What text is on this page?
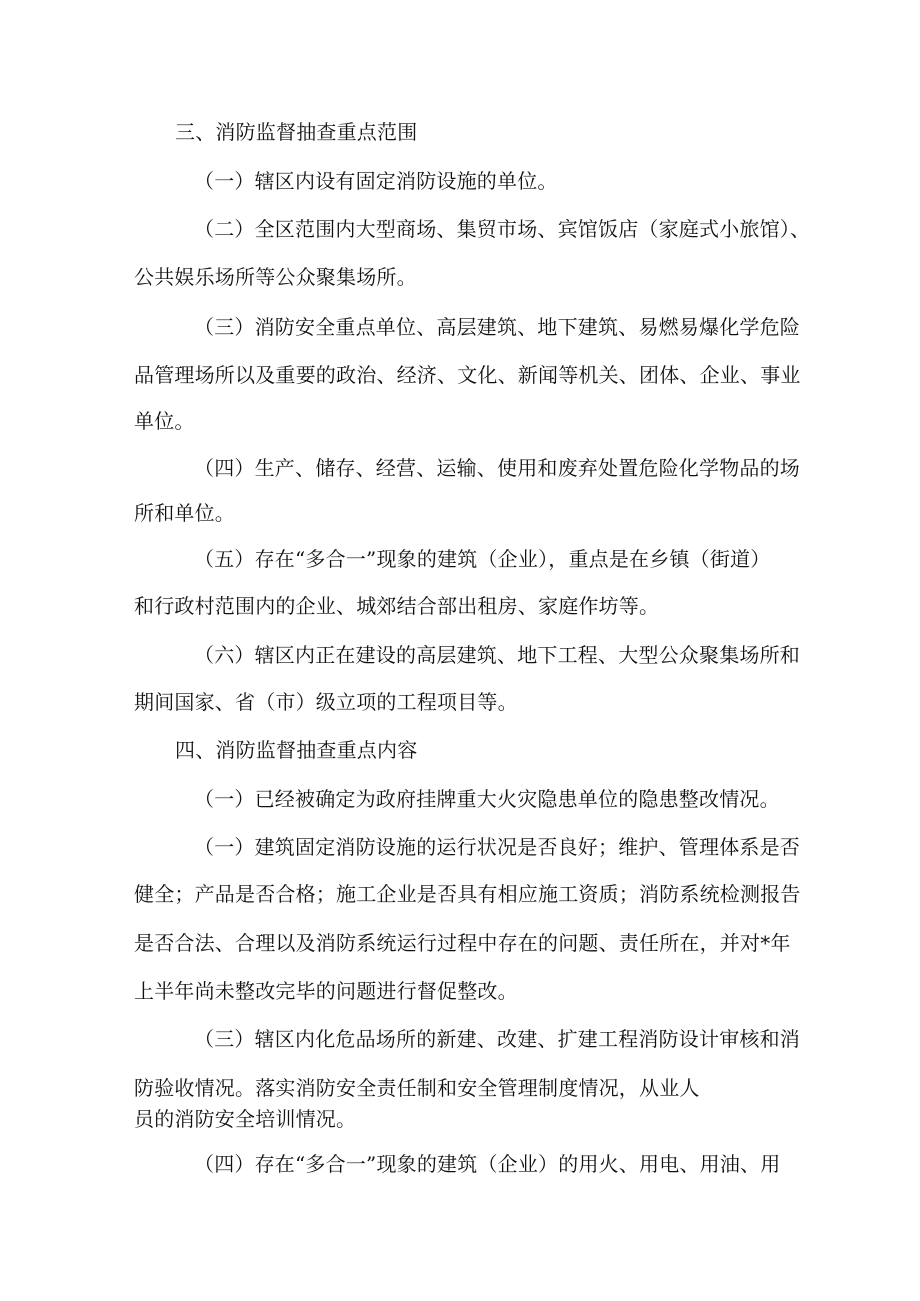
三、消防监督抽查重点范围

（一）辖区内设有固定消防设施的单位。

（二）全区范围内大型商场、集贸市场、宾馆饭店（家庭式小旅馆）、

公共娱乐场所等公众聚集场所。

（三）消防安全重点单位、高层建筑、地下建筑、易燃易爆化学危险

品管理场所以及重要的政治、经济、文化、新闻等机关、团体、企业、事业

单位。

（四）生产、储存、经营、运输、使用和废弃处置危险化学物品的场

所和单位。

（五）存在“多合一”现象的建筑（企业），重点是在乡镇（街道）

和行政村范围内的企业、城郊结合部出租房、家庭作坊等。

（六）辖区内正在建设的高层建筑、地下工程、大型公众聚集场所和

期间国家、省（市）级立项的工程项目等。

四、消防监督抽查重点内容

（一）已经被确定为政府挂牌重大火灾隐患单位的隐患整改情况。

（一）建筑固定消防设施的运行状况是否良好；维护、管理体系是否

健全；产品是否合格；施工企业是否具有相应施工资质；消防系统检测报告

是否合法、合理以及消防系统运行过程中存在的问题、责任所在，并对*年

上半年尚未整改完毕的问题进行督促整改。

（三）辖区内化危品场所的新建、改建、扩建工程消防设计审核和消

防验收情况。落实消防安全责任制和安全管理制度情况，从业人

员的消防安全培训情况。

（四）存在“多合一”现象的建筑（企业）的用火、用电、用油、用
